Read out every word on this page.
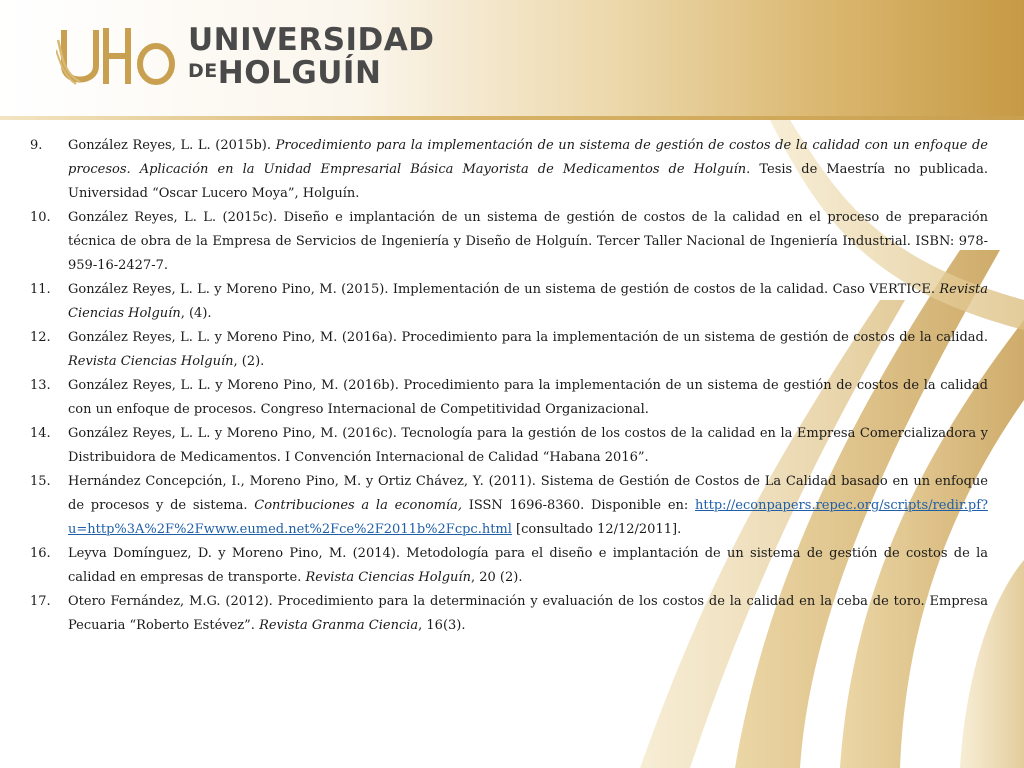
UNIVERSIDAD
DEHOLGUÍN
9.	González Reyes, L. L. (2015b). Procedimiento para la implementación de un sistema de gestión de costos de la calidad con un enfoque de procesos. Aplicación en la Unidad Empresarial Básica Mayorista de Medicamentos de Holguín. Tesis de Maestría no publicada. Universidad “Oscar Lucero Moya”, Holguín.
10.	González Reyes, L. L. (2015c). Diseño e implantación de un sistema de gestión de costos de la calidad en el proceso de preparación técnica de obra de la Empresa de Servicios de Ingeniería y Diseño de Holguín. Tercer Taller Nacional de Ingeniería Industrial. ISBN: 978-959-16-2427-7.
11.	González Reyes, L. L. y Moreno Pino, M. (2015). Implementación de un sistema de gestión de costos de la calidad. Caso VERTICE. Revista Ciencias Holguín, (4).
12.	González Reyes, L. L. y Moreno Pino, M. (2016a). Procedimiento para la implementación de un sistema de gestión de costos de la calidad. Revista Ciencias Holguín, (2).
13.	González Reyes, L. L. y Moreno Pino, M. (2016b). Procedimiento para la implementación de un sistema de gestión de costos de la calidad con un enfoque de procesos. Congreso Internacional de Competitividad Organizacional.
14.	González Reyes, L. L. y Moreno Pino, M. (2016c). Tecnología para la gestión de los costos de la calidad en la Empresa Comercializadora y Distribuidora de Medicamentos. I Convención Internacional de Calidad “Habana 2016”.
15.	Hernández Concepción, I., Moreno Pino, M. y Ortiz Chávez, Y. (2011). Sistema de Gestión de Costos de La Calidad basado en un enfoque de procesos y de sistema. Contribuciones a la economía, ISSN 1696-8360. Disponible en: http://econpapers.repec.org/scripts/redir.pf?u=http%3A%2F%2Fwww.eumed.net%2Fce%2F2011b%2Fcpc.html [consultado 12/12/2011].
16.	Leyva Domínguez, D. y Moreno Pino, M. (2014). Metodología para el diseño e implantación de un sistema de gestión de costos de la calidad en empresas de transporte. Revista Ciencias Holguín, 20 (2).
17.	Otero Fernández, M.G. (2012). Procedimiento para la determinación y evaluación de los costos de la calidad en la ceba de toro. Empresa Pecuaria “Roberto Estévez”. Revista Granma Ciencia, 16(3).
